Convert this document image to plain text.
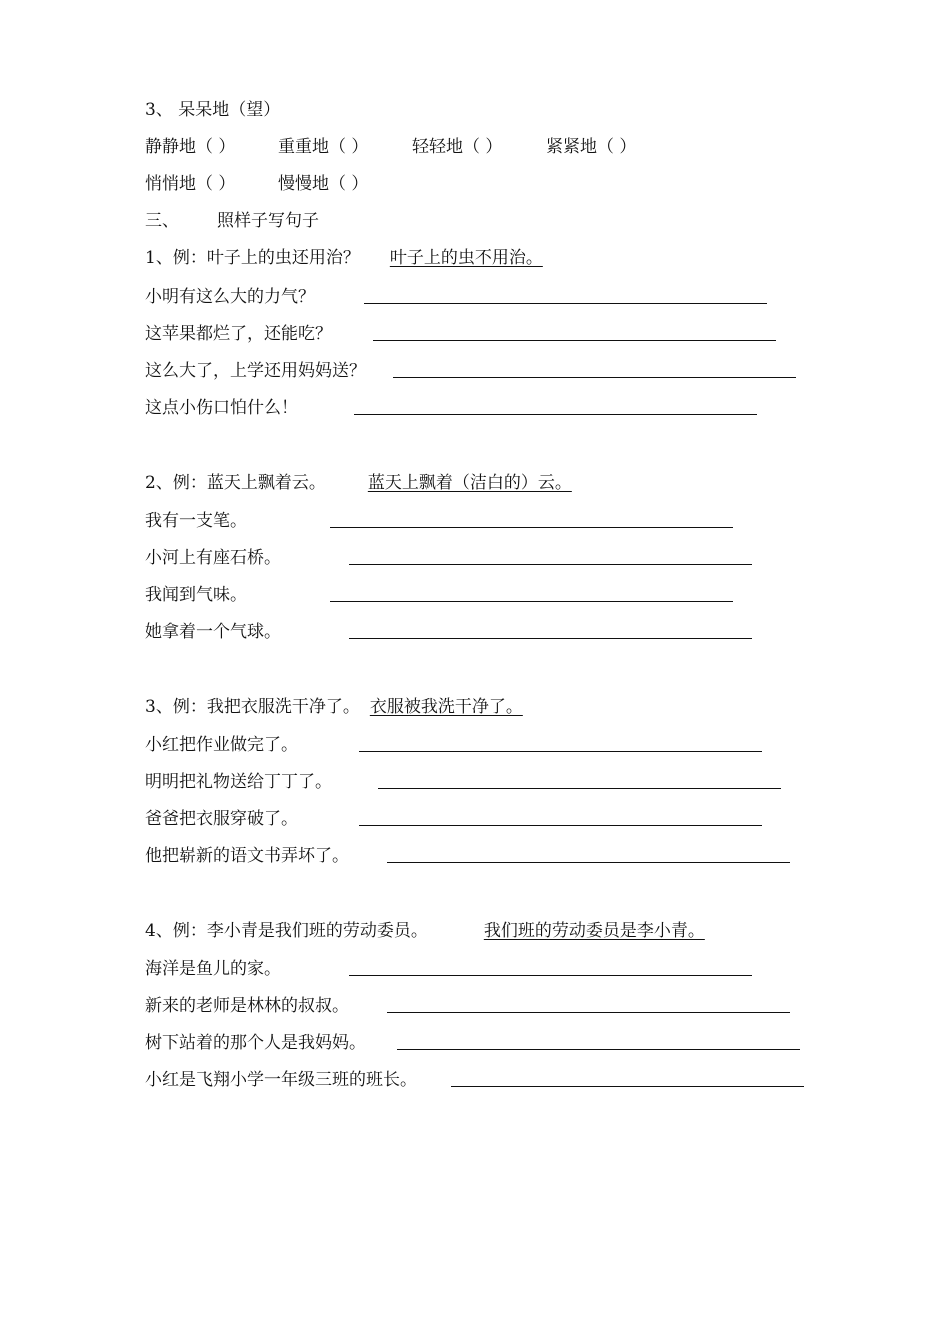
3、 呆呆地（望）
静静地（ ）	重重地（ ）	轻轻地（ ）	紧紧地（ ）
悄悄地（ ）	慢慢地（ ）
三、 照样子写句子
1、例：叶子上的虫还用治？ 叶子上的虫不用治。
小明有这么大的力气？
这苹果都烂了，还能吃？
这么大了，上学还用妈妈送？
这点小伤口怕什么！
2、例：蓝天上飘着云。 蓝天上飘着（洁白的）云。
我有一支笔。
小河上有座石桥。
我闻到气味。
她拿着一个气球。
3、例：我把衣服洗干净了。 衣服被我洗干净了。
小红把作业做完了。
明明把礼物送给丁丁了。
爸爸把衣服穿破了。
他把崭新的语文书弄坏了。
4、例：李小青是我们班的劳动委员。	我们班的劳动委员是李小青。
海洋是鱼儿的家。
新来的老师是林林的叔叔。
树下站着的那个人是我妈妈。
小红是飞翔小学一年级三班的班长。
